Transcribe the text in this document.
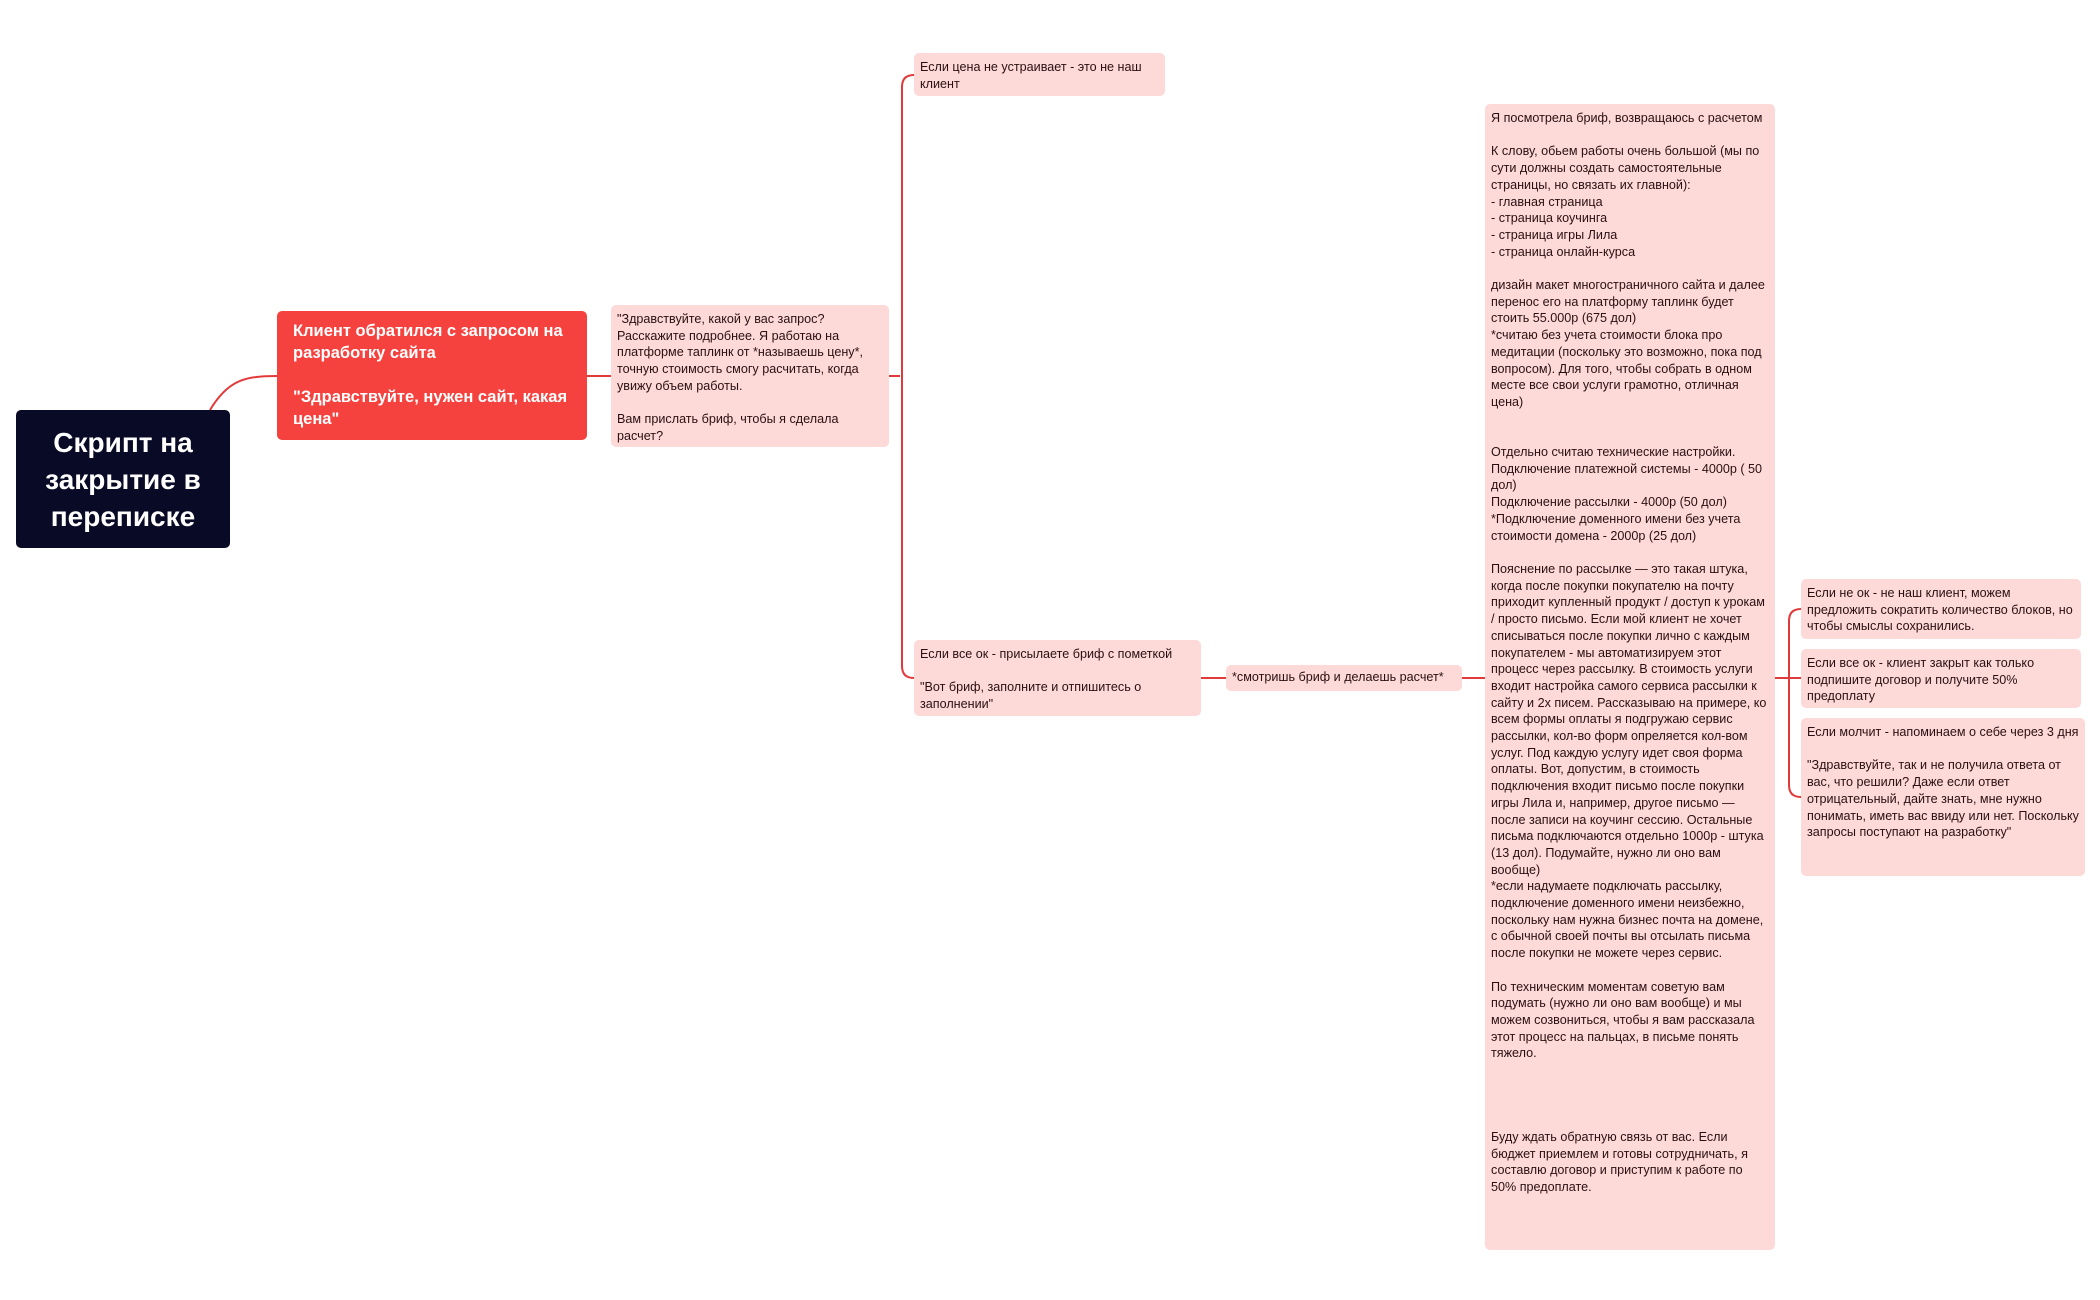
Скрипт на закрытие в переписке
Клиент обратился с запросом на разработку сайта

"Здравствуйте, нужен сайт, какая цена"
"Здравствуйте, какой у вас запрос? Расскажите подробнее. Я работаю на платформе таплинк от *называешь цену*, точную стоимость смогу расчитать, когда увижу объем работы.

Вам прислать бриф, чтобы я сделала расчет?
Если цена не устраивает - это не наш клиент
Если все ок - присылаете бриф с пометкой

"Вот бриф, заполните и отпишитесь о заполнении"
*смотришь бриф и делаешь расчет*
Я посмотрела бриф, возвращаюсь с расчетом

К слову, обьем работы очень большой (мы по сути должны создать самостоятельные страницы, но связать их главной):
- главная страница
- страница коучинга
- страница игры Лила
- страница онлайн-курса

дизайн макет многостраничного сайта и далее перенос его на платформу таплинк будет стоить 55.000р (675 дол)
*считаю без учета стоимости блока про медитации (поскольку это возможно, пока под вопросом). Для того, чтобы собрать в одном месте все свои услуги грамотно, отличная цена)

Отдельно считаю технические настройки.
Подключение платежной системы - 4000р ( 50 дол)
Подключение рассылки - 4000р (50 дол)
*Подключение доменного имени без учета стоимости домена - 2000р (25 дол)

Пояснение по рассылке — это такая штука, когда после покупки покупателю на почту приходит купленный продукт / доступ к урокам / просто письмо. Если мой клиент не хочет списываться после покупки лично с каждым покупателем - мы автоматизируем этот процесс через рассылку. В стоимость услуги входит настройка самого сервиса рассылки к сайту и 2х писем. Рассказываю на примере, ко всем формы оплаты я подгружаю сервис рассылки, кол-во форм опреляется кол-вом услуг. Под каждую услугу идет своя форма оплаты. Вот, допустим, в стоимость подключения входит письмо после покупки игры Лила и, например, другое письмо — после записи на коучинг сессию. Остальные письма подключаются отдельно 1000р - штука (13 дол). Подумайте, нужно ли оно вам вообще)
*если надумаете подключать рассылку, подключение доменного имени неизбежно, поскольку нам нужна бизнес почта на домене, с обычной своей почты вы отсылать письма после покупки не можете через сервис.

По техническим моментам советую вам подумать (нужно ли оно вам вообще) и мы можем созвониться, чтобы я вам рассказала этот процесс на пальцах, в письме понять тяжело.

Буду ждать обратную связь от вас. Если бюджет приемлем и готовы сотрудничать, я составлю договор и приступим к работе по 50% предоплате.
Если не ок - не наш клиент, можем предложить сократить количество блоков, но чтобы смыслы сохранились.
Если все ок - клиент закрыт как только подпишите договор и получите 50% предоплату
Если молчит - напоминаем о себе через 3 дня

"Здравствуйте, так и не получила ответа от вас, что решили? Даже если ответ отрицательный, дайте знать, мне нужно понимать, иметь вас ввиду или нет. Поскольку запросы поступают на разработку"
